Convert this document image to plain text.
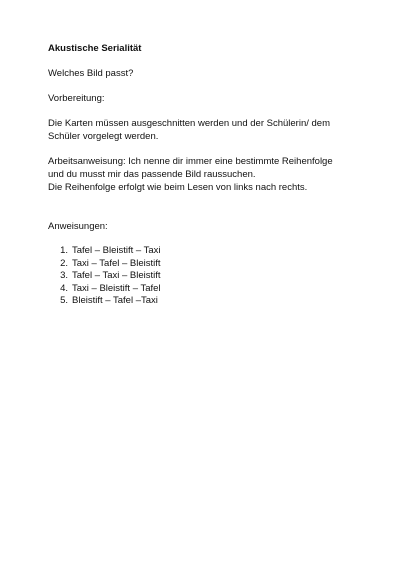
Akustische Serialität

Welches Bild passt?

Vorbereitung:

Die Karten müssen ausgeschnitten werden und der Schülerin/ dem

Schüler vorgelegt werden.

Arbeitsanweisung: Ich nenne dir immer eine bestimmte Reihenfolge

und du musst mir das passende Bild raussuchen.

Die Reihenfolge erfolgt wie beim Lesen von links nach rechts.

Anweisungen:

1. Tafel – Bleistift – Taxi
2. Taxi – Tafel – Bleistift
3. Tafel – Taxi – Bleistift
4. Taxi – Bleistift – Tafel
5. Bleistift – Tafel –Taxi
